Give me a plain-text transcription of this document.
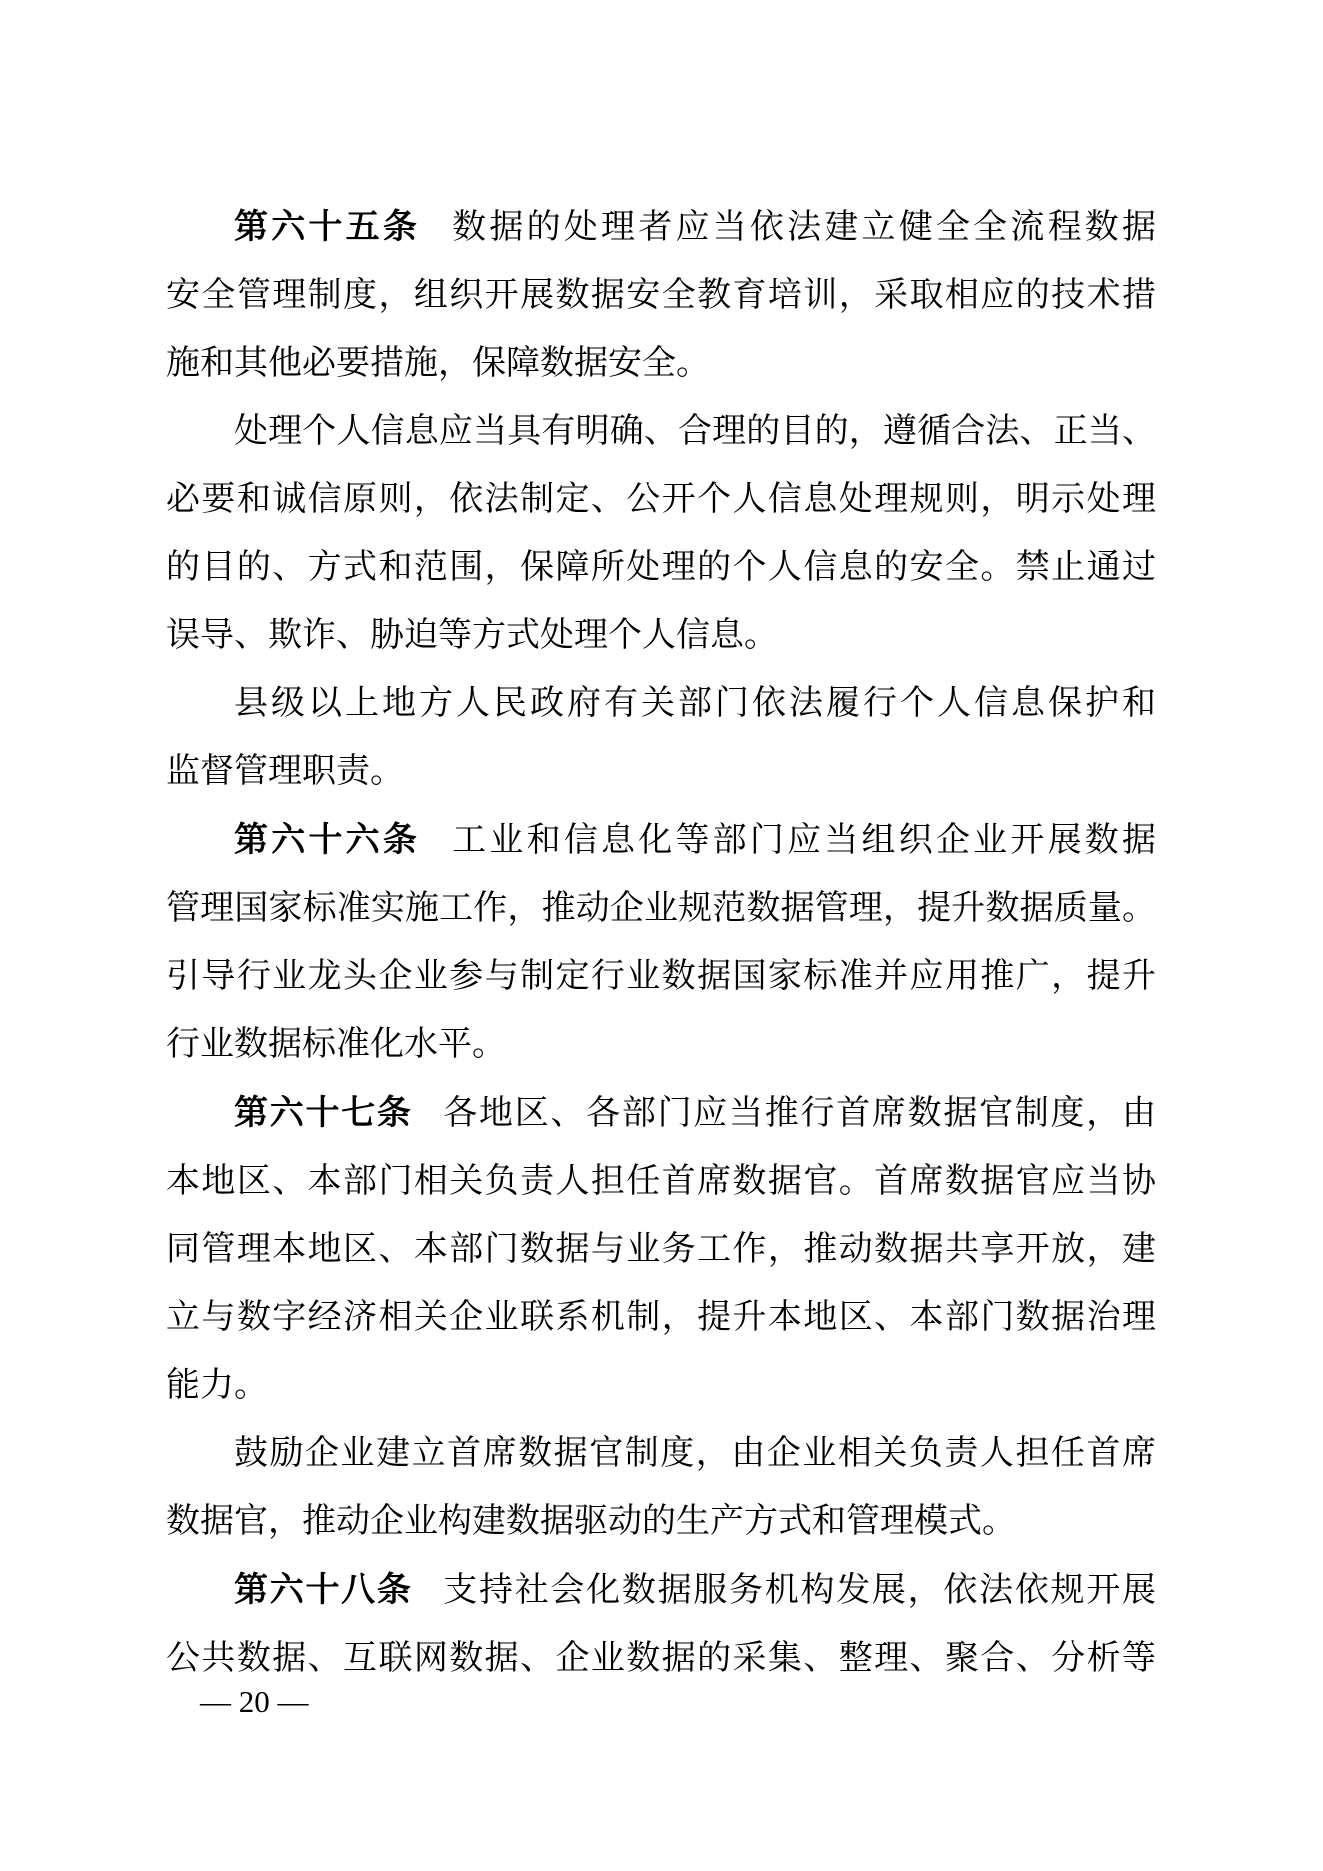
第六十五条 数据的处理者应当依法建立健全全流程数据
安全管理制度，组织开展数据安全教育培训，采取相应的技术措
施和其他必要措施，保障数据安全。
处理个人信息应当具有明确、合理的目的，遵循合法、正当、
必要和诚信原则，依法制定、公开个人信息处理规则，明示处理
的目的、方式和范围，保障所处理的个人信息的安全。禁止通过
误导、欺诈、胁迫等方式处理个人信息。
县级以上地方人民政府有关部门依法履行个人信息保护和
监督管理职责。
第六十六条 工业和信息化等部门应当组织企业开展数据
管理国家标准实施工作，推动企业规范数据管理，提升数据质量。
引导行业龙头企业参与制定行业数据国家标准并应用推广，提升
行业数据标准化水平。
第六十七条 各地区、各部门应当推行首席数据官制度，由
本地区、本部门相关负责人担任首席数据官。首席数据官应当协
同管理本地区、本部门数据与业务工作，推动数据共享开放，建
立与数字经济相关企业联系机制，提升本地区、本部门数据治理
能力。
鼓励企业建立首席数据官制度，由企业相关负责人担任首席
数据官，推动企业构建数据驱动的生产方式和管理模式。
第六十八条 支持社会化数据服务机构发展，依法依规开展
公共数据、互联网数据、企业数据的采集、整理、聚合、分析等
— 20 —
